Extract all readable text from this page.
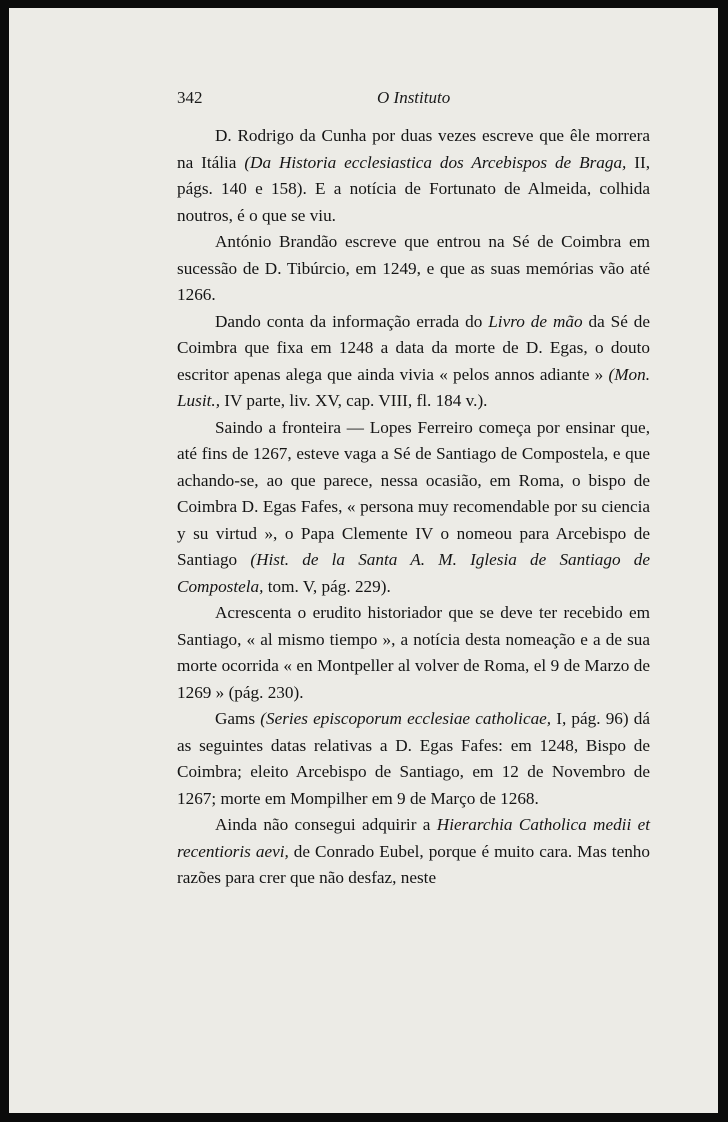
342	O Instituto

D. Rodrigo da Cunha por duas vezes escreve que êle morrera na Itália (Da Historia ecclesiastica dos Arcebispos de Braga, II, págs. 140 e 158). E a notícia de Fortunato de Almeida, colhida noutros, é o que se viu.

António Brandão escreve que entrou na Sé de Coimbra em sucessão de D. Tibúrcio, em 1249, e que as suas memórias vão até 1266.

Dando conta da informação errada do Livro de mão da Sé de Coimbra que fixa em 1248 a data da morte de D. Egas, o douto escritor apenas alega que ainda vivia « pelos annos adiante » (Mon. Lusit., IV parte, liv. XV, cap. VIII, fl. 184 v.).

Saindo a fronteira — Lopes Ferreiro começa por ensinar que, até fins de 1267, esteve vaga a Sé de Santiago de Compostela, e que achando-se, ao que parece, nessa ocasião, em Roma, o bispo de Coimbra D. Egas Fafes, « persona muy recomendable por su ciencia y su virtud », o Papa Clemente IV o nomeou para Arcebispo de Santiago (Hist. de la Santa A. M. Iglesia de Santiago de Compostela, tom. V, pág. 229).

Acrescenta o erudito historiador que se deve ter recebido em Santiago, « al mismo tiempo », a notícia desta nomeação e a de sua morte ocorrida « en Montpeller al volver de Roma, el 9 de Marzo de 1269 » (pág. 230).

Gams (Series episcoporum ecclesiae catholicae, I, pág. 96) dá as seguintes datas relativas a D. Egas Fafes: em 1248, Bispo de Coimbra; eleito Arcebispo de Santiago, em 12 de Novembro de 1267; morte em Mompilher em 9 de Março de 1268.

Ainda não consegui adquirir a Hierarchia Catholica medii et recentioris aevi, de Conrado Eubel, porque é muito cara. Mas tenho razões para crer que não desfaz, neste
